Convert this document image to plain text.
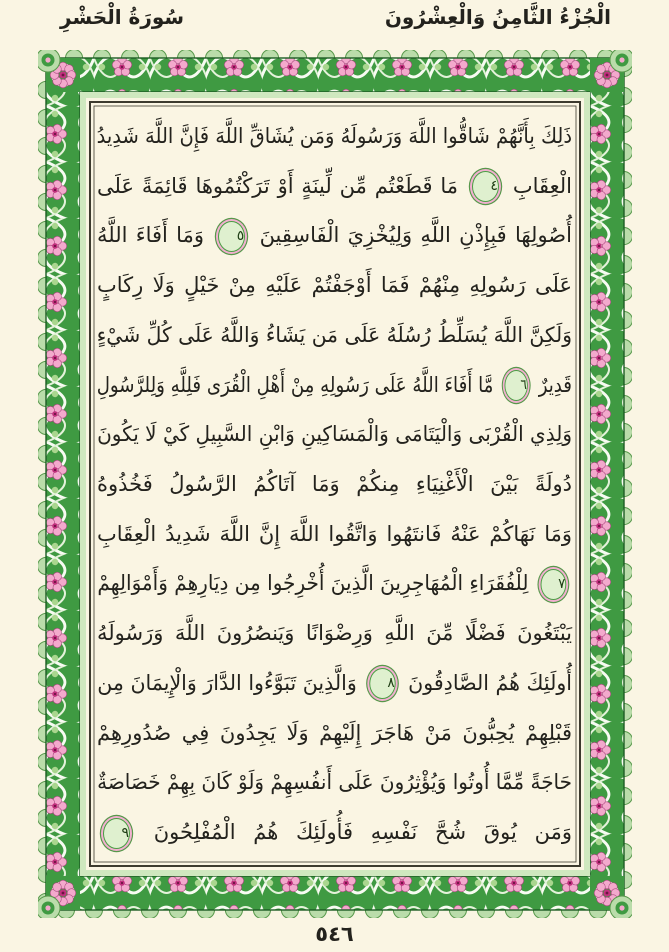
الْجُزْءُ الثَّامِنُ وَالْعِشْرُونَ
سُورَةُ الْحَشْرِ
ذَلِكَ بِأَنَّهُمْ شَاقُّوا اللَّهَ وَرَسُولَهُ وَمَن يُشَاقِّ اللَّهَ فَإِنَّ اللَّهَ شَدِيدُ
الْعِقَابِ ٤ مَا قَطَعْتُم مِّن لِّينَةٍ أَوْ تَرَكْتُمُوهَا قَائِمَةً عَلَى
أُصُولِهَا فَبِإِذْنِ اللَّهِ وَلِيُخْزِيَ الْفَاسِقِينَ ٥ وَمَا أَفَاءَ اللَّهُ
عَلَى رَسُولِهِ مِنْهُمْ فَمَا أَوْجَفْتُمْ عَلَيْهِ مِنْ خَيْلٍ وَلَا رِكَابٍ
وَلَكِنَّ اللَّهَ يُسَلِّطُ رُسُلَهُ عَلَى مَن يَشَاءُ وَاللَّهُ عَلَى كُلِّ شَيْءٍ
قَدِيرٌ ٦ مَّا أَفَاءَ اللَّهُ عَلَى رَسُولِهِ مِنْ أَهْلِ الْقُرَى فَلِلَّهِ وَلِلرَّسُولِ
وَلِذِي الْقُرْبَى وَالْيَتَامَى وَالْمَسَاكِينِ وَابْنِ السَّبِيلِ كَيْ لَا يَكُونَ
دُولَةً بَيْنَ الْأَغْنِيَاءِ مِنكُمْ وَمَا آتَاكُمُ الرَّسُولُ فَخُذُوهُ
وَمَا نَهَاكُمْ عَنْهُ فَانتَهُوا وَاتَّقُوا اللَّهَ إِنَّ اللَّهَ شَدِيدُ الْعِقَابِ
٧ لِلْفُقَرَاءِ الْمُهَاجِرِينَ الَّذِينَ أُخْرِجُوا مِن دِيَارِهِمْ وَأَمْوَالِهِمْ
يَبْتَغُونَ فَضْلًا مِّنَ اللَّهِ وَرِضْوَانًا وَيَنصُرُونَ اللَّهَ وَرَسُولَهُ
أُولَئِكَ هُمُ الصَّادِقُونَ ٨ وَالَّذِينَ تَبَوَّءُوا الدَّارَ وَالْإِيمَانَ مِن
قَبْلِهِمْ يُحِبُّونَ مَنْ هَاجَرَ إِلَيْهِمْ وَلَا يَجِدُونَ فِي صُدُورِهِمْ
حَاجَةً مِّمَّا أُوتُوا وَيُؤْثِرُونَ عَلَى أَنفُسِهِمْ وَلَوْ كَانَ بِهِمْ خَصَاصَةٌ
وَمَن يُوقَ شُحَّ نَفْسِهِ فَأُولَئِكَ هُمُ الْمُفْلِحُونَ ٩
٥٤٦
